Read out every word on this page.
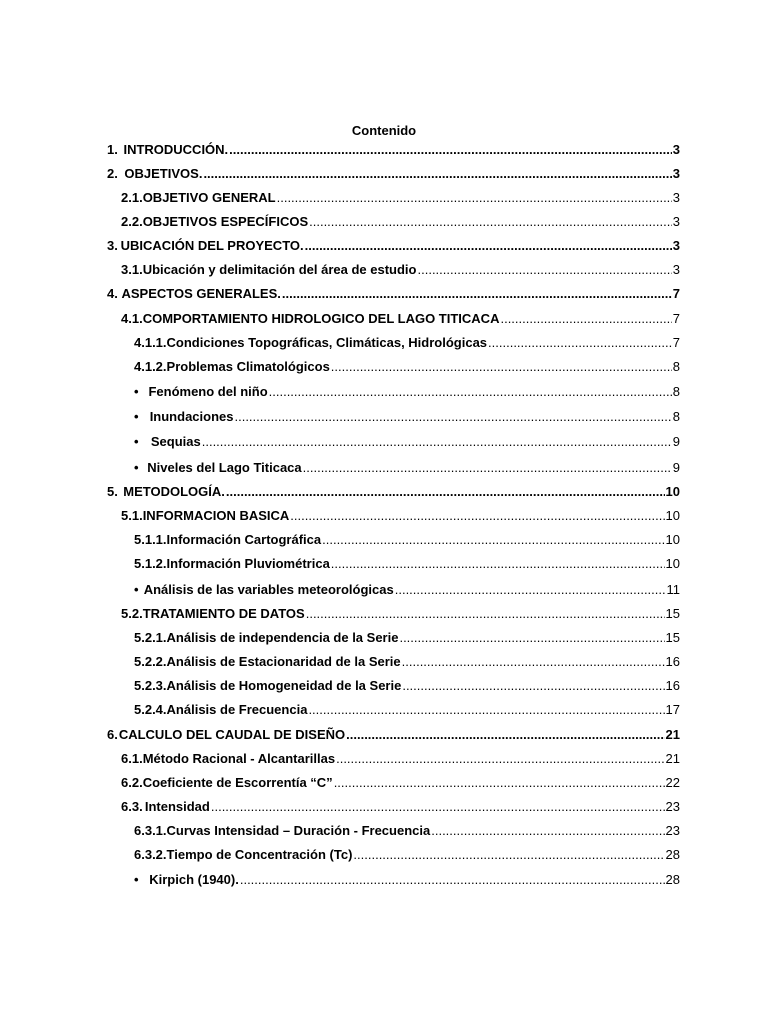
Contenido
1. INTRODUCCIÓN. .....	3
2. OBJETIVOS. .....	3
2.1. OBJETIVO GENERAL .....	3
2.2. OBJETIVOS ESPECÍFICOS .....	3
3. UBICACIÓN DEL PROYECTO. .....	3
3.1. Ubicación y delimitación del área de estudio .....	3
4. ASPECTOS GENERALES. .....	7
4.1. COMPORTAMIENTO HIDROLOGICO DEL LAGO TITICACA .....	7
4.1.1. Condiciones Topográficas, Climáticas, Hidrológicas .....	7
4.1.2. Problemas Climatológicos .....	8
• Fenómeno del niño .....	8
• Inundaciones .....	8
• Sequias .....	9
• Niveles del Lago Titicaca .....	9
5. METODOLOGÍA. .....	10
5.1. INFORMACION BASICA .....	10
5.1.1. Información Cartográfica .....	10
5.1.2. Información Pluviométrica .....	10
• Análisis de las variables meteorológicas .....	11
5.2. TRATAMIENTO DE DATOS .....	15
5.2.1. Análisis de independencia de la Serie .....	15
5.2.2. Análisis de Estacionaridad de la Serie .....	16
5.2.3. Análisis de Homogeneidad de la Serie .....	16
5.2.4. Análisis de Frecuencia .....	17
6. CALCULO DEL CAUDAL DE DISEÑO .....	21
6.1. Método Racional - Alcantarillas .....	21
6.2. Coeficiente de Escorrentía “C” .....	22
6.3. Intensidad .....	23
6.3.1. Curvas Intensidad – Duración - Frecuencia .....	23
6.3.2. Tiempo de Concentración (Tc) .....	28
• Kirpich (1940). .....	28
